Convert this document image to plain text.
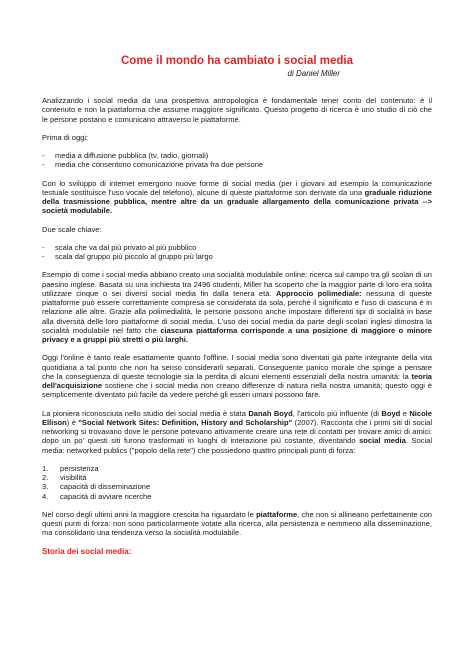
Come il mondo ha cambiato i social media
di Daniel Miller

Analizzando i social media da una prospettiva antropologica è fondamentale tener conto del contenuto: è il contenuto e non la piattaforma che assume maggiore significato. Questo progetto di ricerca è uno studio di ciò che le persone postano e comunicano attraverso le piattaforme.

Prima di oggi:

-	media a diffusione pubblica (tv, radio, giornali)
-	media che consentono comunicazione privata fra due persone

Con lo sviluppo di internet emergono nuove forme di social media (per i giovani ad esempio la comunicazione testuale sostituisce l'uso vocale del telefono), alcune di queste piattaforme son derivate da una graduale riduzione della trasmissione pubblica, mentre altre da un graduale allargamento della comunicazione privata --> società modulabile.

Due scale chiave:

-	scala che va dal più privato al più pubblico
-	scala dal gruppo più piccolo al gruppo più largo

Esempio di come i social media abbiano creato una socialità modulabile online: ricerca sul campo tra gli scolari di un paesino inglese. Basata su una inchiesta tra 2496 studenti, Miller ha scoperto che la maggior parte di loro era solita utilizzare cinque o sei diversi social media fin dalla tenera età. Approccio polimediale: nessuna di queste piattaforme può essere correttamente compresa se considerata da sola, perché il significato e l'uso di ciascuna è in relazione alle altre. Grazie alla polimedialità, le persone possono anche impostare differenti tipi di socialità in base alla diversità delle loro piattaforme di social media. L'uso dei social media da parte degli scolari inglesi dimostra la socialità modulabile nel fatto che ciascuna piattaforma corrisponde a una posizione di maggiore o minore privacy e a gruppi più stretti o più larghi.

Oggi l'online è tanto reale esattamente quanto l'offline. I social media sono diventati già parte integrante della vita quotidiana a tal punto che non ha senso considerarli separati. Conseguente panico morale che spinge a pensare che la conseguenza di queste tecnologie sia la perdita di alcuni elementi essenziali della nostra umanità: la teoria dell'acquisizione sostiene che i social media non creano differenze di natura nella nostra umanità; questo oggi è semplicemente diventato più facile da vedere perché gli esseri umani possono fare.

La pioniera riconosciuta nello studio dei social media è stata Danah Boyd, l'articolo più influente (di Boyd e Nicole Ellison) è "Social Network Sites: Definition, History and Scholarship" (2007). Racconta che i primi siti di social networking si trovavano dove le persone potevano attivamente creare una rete di contatti per trovare amici di amici: dopo un po' questi siti furono trasformati in luoghi di interazione più costante, diventando social media. Social media: networked publics ("popolo della rete") che possiedono quattro principali punti di forza:

1.	persistenza
2.	visibilità
3.	capacità di disseminazione
4.	capacità di avviare ricerche

Nel corso degli ultimi anni la maggiore crescita ha riguardato le piattaforme, che non si allineano perfettamente con questi punti di forza: non sono particolarmente votate alla ricerca, alla persistenza e nemmeno alla disseminazione, ma consolidano una tendenza verso la socialità modulabile.

Storia dei social media:
